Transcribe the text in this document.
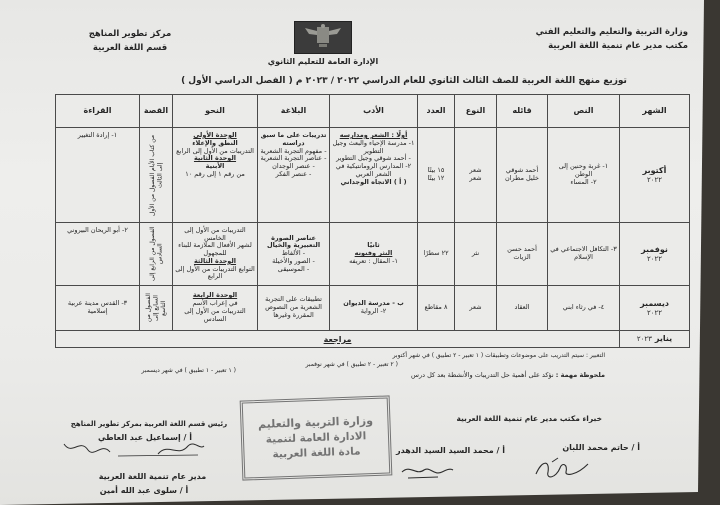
وزارة التربية والتعليم والتعليم الفني
مكتب مدير عام تنمية اللغة العربية
مركز تطوير المناهج
قسم اللغة العربية
الإدارة العامة للتعليم الثانوي
توزيع منهج اللغة العربية للصف الثالث الثانوي للعام الدراسي ٢٠٢٢ / ٢٠٢٣ م ( الفصل الدراسي الأول )
الشهر
النص
قائله
النوع
العدد
الأدب
البلاغة
النحو
القصة
القراءة
أكتوبر
٢٠٢٢
١- غربة وحنين إلى الوطن
٢- المساء
أحمد شوقي
خليل مطران
شعر
شعر
١٥ بيتًا
١٢ بيتًا
أولًا : الشعر ومدارسه
١- مدرسة الإحياء والبعث وجيل التطوير
- أحمد شوقي وجيل التطوير
٢- المدارس الرومانتيكية في الشعر العربي
( أ ) الاتجاه الوجداني
تدريبات على ما سبق دراسته
- مفهوم التجربة الشعرية
- عناصر التجربة الشعرية
- عنصر الوجدان
- عنصر الفكر
الوحدة الأولى
النطق والإعلاء
التدريبات من الأول إلى الرابع
الوحدة الثانية
الأبنية
من رقم ١ إلى رقم ١٠
من كتاب الأيام الفصول من الأول إلى الثالث
١- إرادة التغيير
نوفمبر
٢٠٢٢
٣- التكافل الاجتماعي في الإسلام
أحمد حسن الزيات
نثر
٢٢ سطرًا
ثانيًا
النثر وفنونه
١- المقال : تعريفه
عناصر الصورة التعبيرية والخيال
- الألفاظ
- الصور والأخيلة
- الموسيقى
التدريبات من الأول إلى الخامس
لشهر الأفعال الملازمة للبناء للمجهول
الوحدة الثالثة
التوابع التدريبات من الأول إلى الرابع
الفصول من الرابع إلى السادس
٢- أبو الريحان البيروني
ديسمبر
٢٠٢٢
٤- في رثاء ابني
العقاد
شعر
٨ مقاطع
ب - مدرسة الديوان
٢- الرواية
تطبيقات على التجربة الشعرية من النصوص المقررة وغيرها
الوحدة الرابعة
في إعراب الأسم
التدريبات من الأول إلى السادس
الفصول من السابع إلى التاسع
٣- القدس مدينة عربية إسلامية
يناير
٢٠٢٣
مراجعة
التعبير : سيتم التدريب على موضوعات وتطبيقات ( ١ تعبير - ٢ تطبيق ) في شهر أكتوبر
( ٢ تعبير - ٢ تطبيق ) في شهر نوفمبر
( ١ تعبير - ١ تطبيق ) في شهر ديسمبر
ملحوظة مهمة : نؤكد على أهمية حل التدريبات والأنشطة بعد كل درس
خبراء مكتب مدير عام تنمية اللغة العربية
أ / حاتم محمد اللبان
أ / محمد السيد السيد الدهدر
وزارة التربية والتعليم
الادارة العامة لتنمية
مادة اللغة العربية
رئيس قسم اللغة العربية بمركز تطوير المناهج
أ / إسماعيل عبد العاطي
مدير عام تنمية اللغة العربية
أ / سلوى عبد الله أمين
